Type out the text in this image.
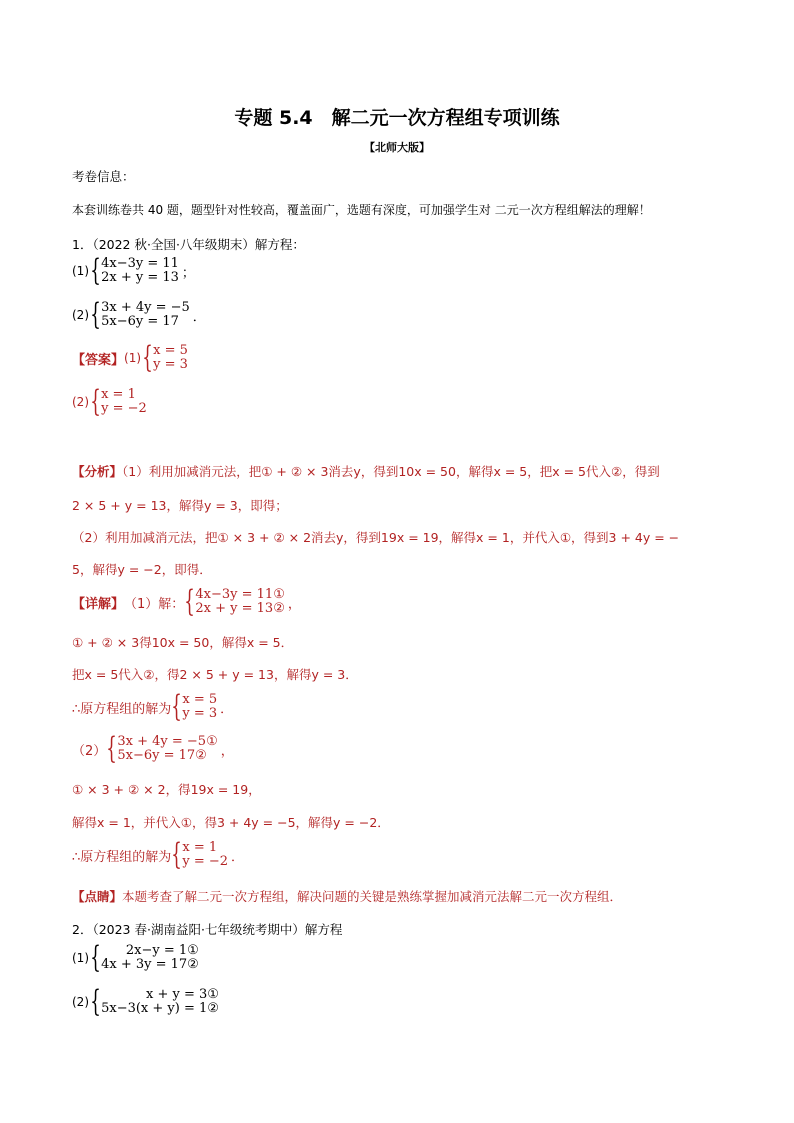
专题 5.4　解二元一次方程组专项训练
【北师大版】
考卷信息：
本套训练卷共 40 题，题型针对性较高，覆盖面广，选题有深度，可加强学生对 二元一次方程组解法的理解！
1．（2022 秋·全国·八年级期末）解方程：
(1) { 4x−3y = 11
2x + y = 13 ；
(2) { 3x + 4y = −5
5x−6y = 17	．
【答案】 (1) { x = 5
y = 3
(2) { x = 1
y = −2
【分析】（1）利用加减消元法，把① + ② × 3消去y，得到10x = 50，解得x = 5，把x = 5代入②，得到
2 × 5 + y = 13，解得y = 3，即得；
（2）利用加减消元法，把① × 3 + ② × 2消去y，得到19x = 19，解得x = 1，并代入①，得到3 + 4y = −
5，解得y = −2，即得．
【详解】 （1）解： { 4x−3y = 11①
2x + y = 13② ，
① + ② × 3得10x = 50，解得x = 5．
把x = 5代入②，得2 × 5 + y = 13，解得y = 3．
∴原方程组的解为 { x = 5
y = 3 ．
（2） { 3x + 4y = −5①
5x−6y = 17②	，
① × 3 + ② × 2，得19x = 19，
解得x = 1，并代入①，得3 + 4y = −5，解得y = −2．
∴原方程组的解为 { x = 1
y = −2 ．
【点睛】本题考查了解二元一次方程组，解决问题的关键是熟练掌握加减消元法解二元一次方程组．
2．（2023 春·湖南益阳·七年级统考期中）解方程
(1) {	2x−y = 1①
4x + 3y = 17②
(2) {	x + y = 3①
5x−3(x + y) = 1②
